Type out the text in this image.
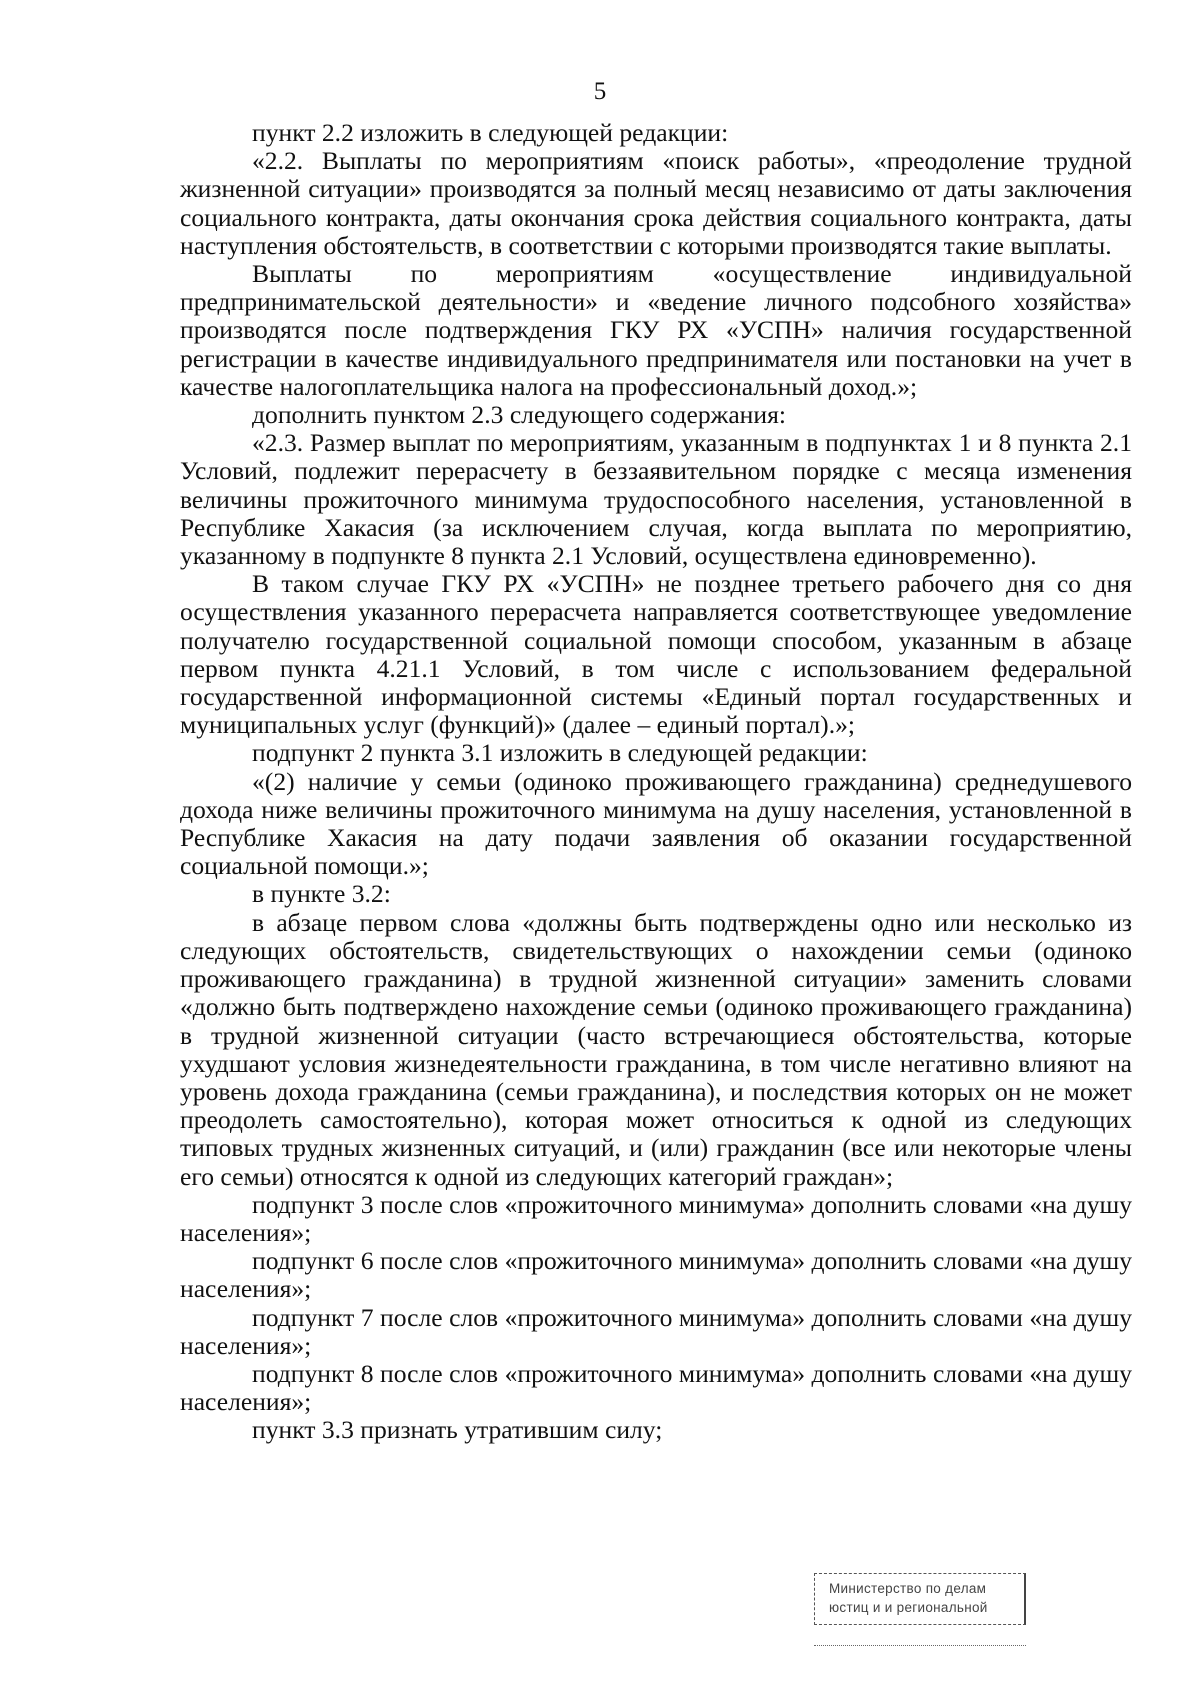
5

пункт 2.2 изложить в следующей редакции:

«2.2. Выплаты по мероприятиям «поиск работы», «преодоление трудной жизненной ситуации» производятся за полный месяц независимо от даты заключения социального контракта, даты окончания срока действия социального контракта, даты наступления обстоятельств, в соответствии с которыми производятся такие выплаты.

Выплаты по мероприятиям «осуществление индивидуальной предпринимательской деятельности» и «ведение личного подсобного хозяйства» производятся после подтверждения ГКУ РХ «УСПН» наличия государственной регистрации в качестве индивидуального предпринимателя или постановки на учет в качестве налогоплательщика налога на профессиональный доход.»;

дополнить пунктом 2.3 следующего содержания:

«2.3. Размер выплат по мероприятиям, указанным в подпунктах 1 и 8 пункта 2.1 Условий, подлежит перерасчету в беззаявительном порядке с месяца изменения величины прожиточного минимума трудоспособного населения, установленной в Республике Хакасия (за исключением случая, когда выплата по мероприятию, указанному в подпункте 8 пункта 2.1 Условий, осуществлена единовременно).

В таком случае ГКУ РХ «УСПН» не позднее третьего рабочего дня со дня осуществления указанного перерасчета направляется соответствующее уведомление получателю государственной социальной помощи способом, указанным в абзаце первом пункта 4.21.1 Условий, в том числе с использованием федеральной государственной информационной системы «Единый портал государственных и муниципальных услуг (функций)» (далее – единый портал).»;

подпункт 2 пункта 3.1 изложить в следующей редакции:

«(2) наличие у семьи (одиноко проживающего гражданина) среднедушевого дохода ниже величины прожиточного минимума на душу населения, установленной в Республике Хакасия на дату подачи заявления об оказании государственной социальной помощи.»;

в пункте 3.2:

в абзаце первом слова «должны быть подтверждены одно или несколько из следующих обстоятельств, свидетельствующих о нахождении семьи (одиноко проживающего гражданина) в трудной жизненной ситуации» заменить словами «должно быть подтверждено нахождение семьи (одиноко проживающего гражданина) в трудной жизненной ситуации (часто встречающиеся обстоятельства, которые ухудшают условия жизнедеятельности гражданина, в том числе негативно влияют на уровень дохода гражданина (семьи гражданина), и последствия которых он не может преодолеть самостоятельно), которая может относиться к одной из следующих типовых трудных жизненных ситуаций, и (или) гражданин (все или некоторые члены его семьи) относятся к одной из следующих категорий граждан»;

подпункт 3 после слов «прожиточного минимума» дополнить словами «на душу населения»;

подпункт 6 после слов «прожиточного минимума» дополнить словами «на душу населения»;

подпункт 7 после слов «прожиточного минимума» дополнить словами «на душу населения»;

подпункт 8 после слов «прожиточного минимума» дополнить словами «на душу населения»;

пункт 3.3 признать утратившим силу;

Министерство по делам
юстиц и и региональной
